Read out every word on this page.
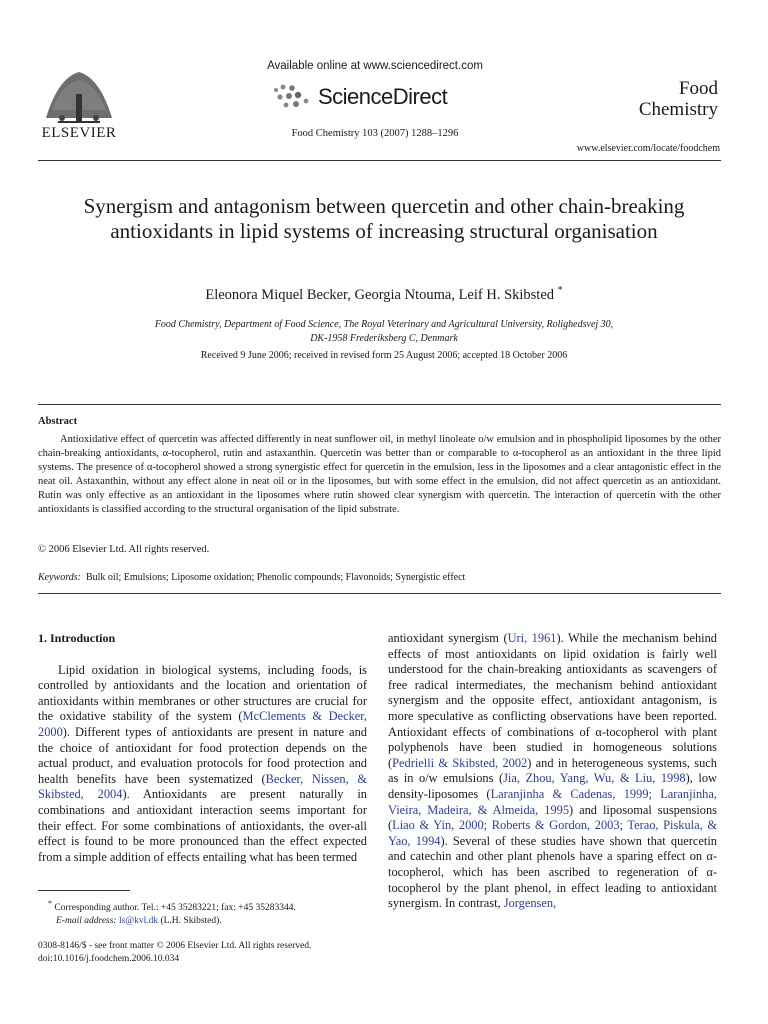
ELSEVIER
Available online at www.sciencedirect.com
ScienceDirect
Food Chemistry 103 (2007) 1288–1296
Food
Chemistry
www.elsevier.com/locate/foodchem
Synergism and antagonism between quercetin and other chain-breaking antioxidants in lipid systems of increasing structural organisation
Eleonora Miquel Becker, Georgia Ntouma, Leif H. Skibsted *
Food Chemistry, Department of Food Science, The Royal Veterinary and Agricultural University, Rolighedsvej 30,
DK-1958 Frederiksberg C, Denmark
Received 9 June 2006; received in revised form 25 August 2006; accepted 18 October 2006
Abstract

Antioxidative effect of quercetin was affected differently in neat sunflower oil, in methyl linoleate o/w emulsion and in phospholipid liposomes by the other chain-breaking antioxidants, α-tocopherol, rutin and astaxanthin. Quercetin was better than or comparable to α-tocopherol as an antioxidant in the three lipid systems. The presence of α-tocopherol showed a strong synergistic effect for quercetin in the emulsion, less in the liposomes and a clear antagonistic effect in the neat oil. Astaxanthin, without any effect alone in neat oil or in the liposomes, but with some effect in the emulsion, did not affect quercetin as an antioxidant. Rutin was only effective as an antioxidant in the liposomes where rutin showed clear synergism with quercetin. The interaction of quercetin with the other antioxidants is classified according to the structural organisation of the lipid substrate.

© 2006 Elsevier Ltd. All rights reserved.
Keywords: Bulk oil; Emulsions; Liposome oxidation; Phenolic compounds; Flavonoids; Synergistic effect
1. Introduction

Lipid oxidation in biological systems, including foods, is controlled by antioxidants and the location and orientation of antioxidants within membranes or other structures are crucial for the oxidative stability of the system (McClements & Decker, 2000). Different types of antioxidants are present in nature and the choice of antioxidant for food protection depends on the actual product, and evaluation protocols for food protection and health benefits have been systematized (Becker, Nissen, & Skibsted, 2004). Antioxidants are present naturally in combinations and antioxidant interaction seems important for their effect. For some combinations of antioxidants, the over-all effect is found to be more pronounced than the effect expected from a simple addition of effects entailing what has been termed

antioxidant synergism (Uri, 1961). While the mechanism behind effects of most antioxidants on lipid oxidation is fairly well understood for the chain-breaking antioxidants as scavengers of free radical intermediates, the mechanism behind antioxidant synergism and the opposite effect, antioxidant antagonism, is more speculative as conflicting observations have been reported. Antioxidant effects of combinations of α-tocopherol with plant polyphenols have been studied in homogeneous solutions (Pedrielli & Skibsted, 2002) and in heterogeneous systems, such as in o/w emulsions (Jia, Zhou, Yang, Wu, & Liu, 1998), low density-liposomes (Laranjinha & Cadenas, 1999; Laranjinha, Vieira, Madeira, & Almeida, 1995) and liposomal suspensions (Liao & Yin, 2000; Roberts & Gordon, 2003; Terao, Piskula, & Yao, 1994). Several of these studies have shown that quercetin and catechin and other plant phenols have a sparing effect on α-tocopherol, which has been ascribed to regeneration of α-tocopherol by the plant phenol, in effect leading to antioxidant synergism. In contrast, Jorgensen,

* Corresponding author. Tel.: +45 35283221; fax: +45 35283344.
E-mail address: ls@kvl.dk (L.H. Skibsted).
0308-8146/$ - see front matter © 2006 Elsevier Ltd. All rights reserved.
doi:10.1016/j.foodchem.2006.10.034
